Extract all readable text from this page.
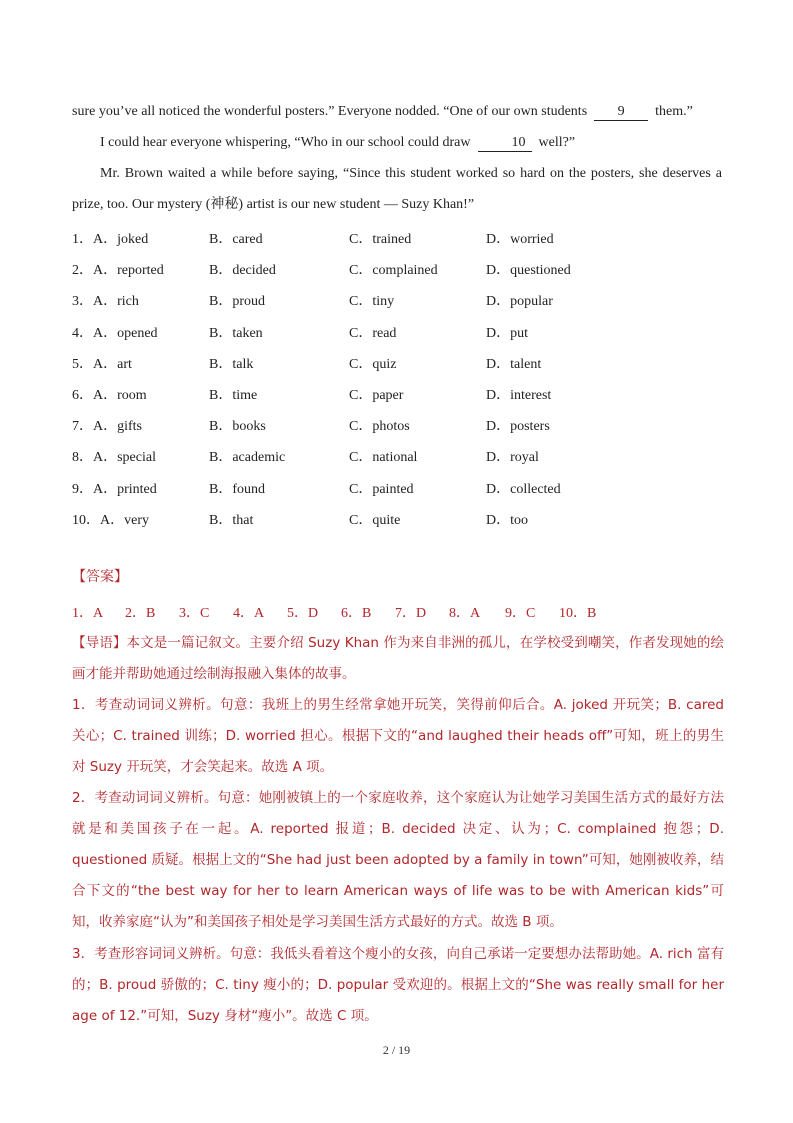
sure you’ve all noticed the wonderful posters.” Everyone nodded. “One of our own students 9 them.”

I could hear everyone whispering, “Who in our school could draw	10 well?”

Mr. Brown waited a while before saying, “Since this student worked so hard on the posters, she deserves a prize, too. Our mystery (神秘) artist is our new student — Suzy Khan!”

1．A．joked	B．cared	C．trained	D．worried
2．A．reported	B．decided	C．complained	D．questioned
3．A．rich	B．proud	C．tiny	D．popular
4．A．opened	B．taken	C．read	D．put
5．A．art	B．talk	C．quiz	D．talent
6．A．room	B．time	C．paper	D．interest
7．A．gifts	B．books	C．photos	D．posters
8．A．special	B．academic	C．national	D．royal
9．A．printed	B．found	C．painted	D．collected
10．A．very	B．that	C．quite	D．too
【答案】
1．A 2．B 3．C 4．A 5．D 6．B 7．D 8．A 9．C 10．B

【导语】本文是一篇记叙文。主要介绍 Suzy Khan 作为来自非洲的孤儿，在学校受到嘲笑，作者发现她的绘画才能并帮助她通过绘制海报融入集体的故事。

1．考查动词词义辨析。句意：我班上的男生经常拿她开玩笑，笑得前仰后合。A. joked 开玩笑；B. cared 关心；C. trained 训练；D. worried 担心。根据下文的“and laughed their heads off”可知，班上的男生对 Suzy 开玩笑，才会笑起来。故选 A 项。

2．考查动词词义辨析。句意：她刚被镇上的一个家庭收养，这个家庭认为让她学习美国生活方式的最好方法就是和美国孩子在一起。A. reported 报道；B. decided 决定、认为；C. complained 抱怨；D. questioned 质疑。根据上文的“She had just been adopted by a family in town”可知，她刚被收养，结合下文的“the best way for her to learn American ways of life was to be with American kids”可知，收养家庭“认为”和美国孩子相处是学习美国生活方式最好的方式。故选 B 项。

3．考查形容词词义辨析。句意：我低头看着这个瘦小的女孩，向自己承诺一定要想办法帮助她。A. rich 富有的；B. proud 骄傲的；C. tiny 瘦小的；D. popular 受欢迎的。根据上文的“She was really small for her age of 12.”可知，Suzy 身材“瘦小”。故选 C 项。

2 / 19
